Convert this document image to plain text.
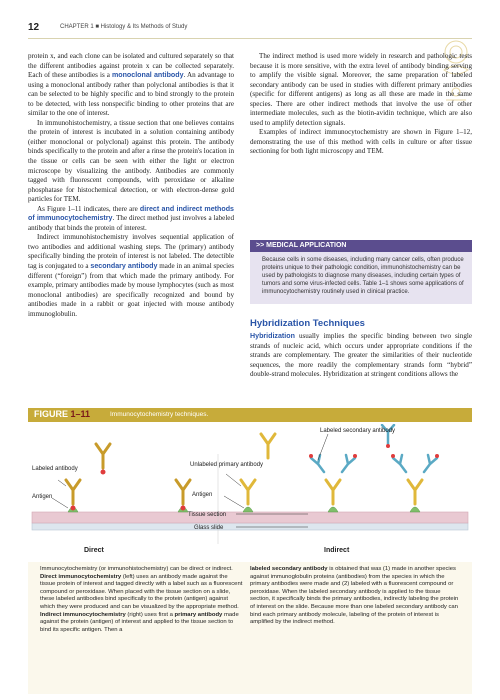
12	CHAPTER 1 ■ Histology & Its Methods of Study

protein x, and each clone can be isolated and cultured separately so that the different antibodies against protein x can be collected separately. Each of these antibodies is a monoclonal antibody. An advantage to using a monoclonal antibody rather than polyclonal antibodies is that it can be selected to be highly specific and to bind strongly to the protein to be detected, with less nonspecific binding to other proteins that are similar to the one of interest.

In immunohistochemistry, a tissue section that one believes contains the protein of interest is incubated in a solution containing antibody (either monoclonal or polyclonal) against this protein. The antibody binds specifically to the protein and after a rinse the protein's location in the tissue or cells can be seen with either the light or electron microscope by visualizing the antibody. Antibodies are commonly tagged with fluorescent compounds, with peroxidase or alkaline phosphatase for histochemical detection, or with electron-dense gold particles for TEM.

As Figure 1–11 indicates, there are direct and indirect methods of immunocytochemistry. The direct method just involves a labeled antibody that binds the protein of interest.

Indirect immunohistochemistry involves sequential application of two antibodies and additional washing steps. The (primary) antibody specifically binding the protein of interest is not labeled. The detectible tag is conjugated to a secondary antibody made in an animal species different (“foreign”) from that which made the primary antibody. For example, primary antibodies made by mouse lymphocytes (such as most monoclonal antibodies) are specifically recognized and bound by antibodies made in a rabbit or goat injected with mouse antibody immunoglobulin.

The indirect method is used more widely in research and pathologic tests because it is more sensitive, with the extra level of antibody binding serving to amplify the visible signal. Moreover, the same preparation of labeled secondary antibody can be used in studies with different primary antibodies (specific for different antigens) as long as all these are made in the same species. There are other indirect methods that involve the use of other intermediate molecules, such as the biotin-avidin technique, which are also used to amplify detection signals.

Examples of indirect immunocytochemistry are shown in Figure 1–12, demonstrating the use of this method with cells in culture or after tissue sectioning for both light microscopy and TEM.

>> MEDICAL APPLICATION
Because cells in some diseases, including many cancer cells, often produce proteins unique to their pathologic condition, immunohistochemistry can be used by pathologists to diagnose many diseases, including certain types of tumors and some virus-infected cells. Table 1–1 shows some applications of immunocytochemistry routinely used in clinical practice.
Hybridization Techniques
Hybridization usually implies the specific binding between two single strands of nucleic acid, which occurs under appropriate conditions if the strands are complementary. The greater the similarities of their nucleotide sequences, the more readily the complementary strands form “hybrid” double-strand molecules. Hybridization at stringent conditions allows the
FIGURE 1–11	Immunocytochemistry techniques.
Labeled antibody
Antigen
Unlabeled primary antibody
Antigen
Tissue section
Glass slide
Labeled secondary antibody
Direct	Indirect
Immunocytochemistry (or immunohistochemistry) can be direct or indirect. Direct immunocytochemistry (left) uses an antibody made against the tissue protein of interest and tagged directly with a label such as a fluorescent compound or peroxidase. When placed with the tissue section on a slide, these labeled antibodies bind specifically to the protein (antigen) against which they were produced and can be visualized by the appropriate method. Indirect immunocytochemistry (right) uses first a primary antibody made against the protein (antigen) of interest and applied to the tissue section to bind its specific antigen. Then a
labeled secondary antibody is obtained that was (1) made in another species against immunoglobulin proteins (antibodies) from the species in which the primary antibodies were made and (2) labeled with a fluorescent compound or peroxidase. When the labeled secondary antibody is applied to the tissue section, it specifically binds the primary antibodies, indirectly labeling the protein of interest on the slide. Because more than one labeled secondary antibody can bind each primary antibody molecule, labeling of the protein of interest is amplified by the indirect method.
